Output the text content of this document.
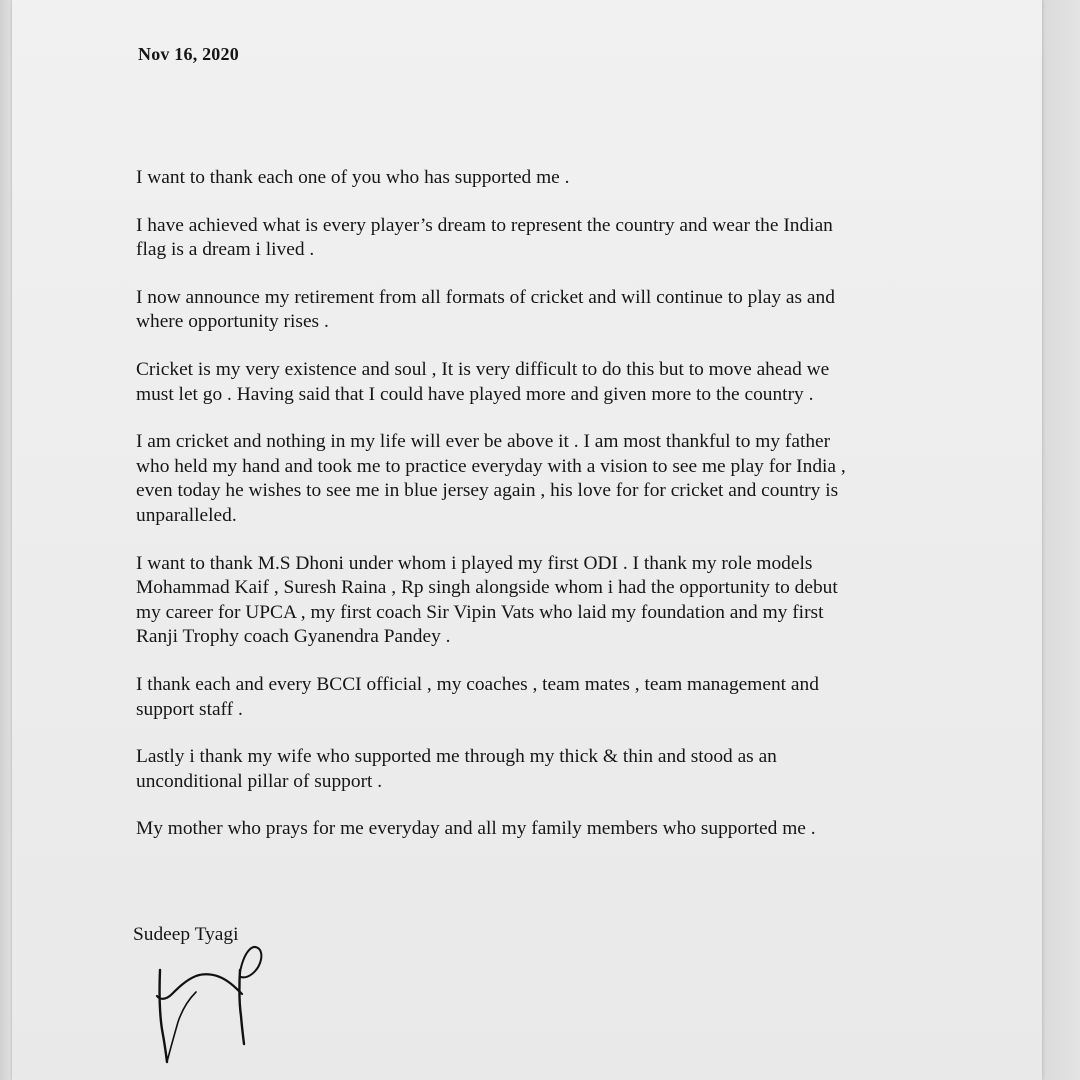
Nov 16, 2020

I want to thank each one of you who has supported me .

I have achieved what is every player’s dream to represent the country and wear the Indian
flag is a dream i lived .

I now announce my retirement from all formats of cricket and will continue to play as and
where opportunity rises .

Cricket is my very existence and soul , It is very difficult to do this but to move ahead we
must let go . Having said that I could have played more and given more to the country .

I am cricket and nothing in my life will ever be above it . I am most thankful to my father
who held my hand and took me to practice everyday with a vision to see me play for India ,
even today he wishes to see me in blue jersey again , his love for for cricket and country is
unparalleled.

I want to thank M.S Dhoni under whom i played my first ODI . I thank my role models
Mohammad Kaif , Suresh Raina , Rp singh alongside whom i had the opportunity to debut
my career for UPCA , my first coach Sir Vipin Vats who laid my foundation and my first
Ranji Trophy coach Gyanendra Pandey .

I thank each and every BCCI official , my coaches , team mates , team management and
support staff .

Lastly i thank my wife who supported me through my thick & thin and stood as an
unconditional pillar of support .

My mother who prays for me everyday and all my family members who supported me .

Sudeep Tyagi
